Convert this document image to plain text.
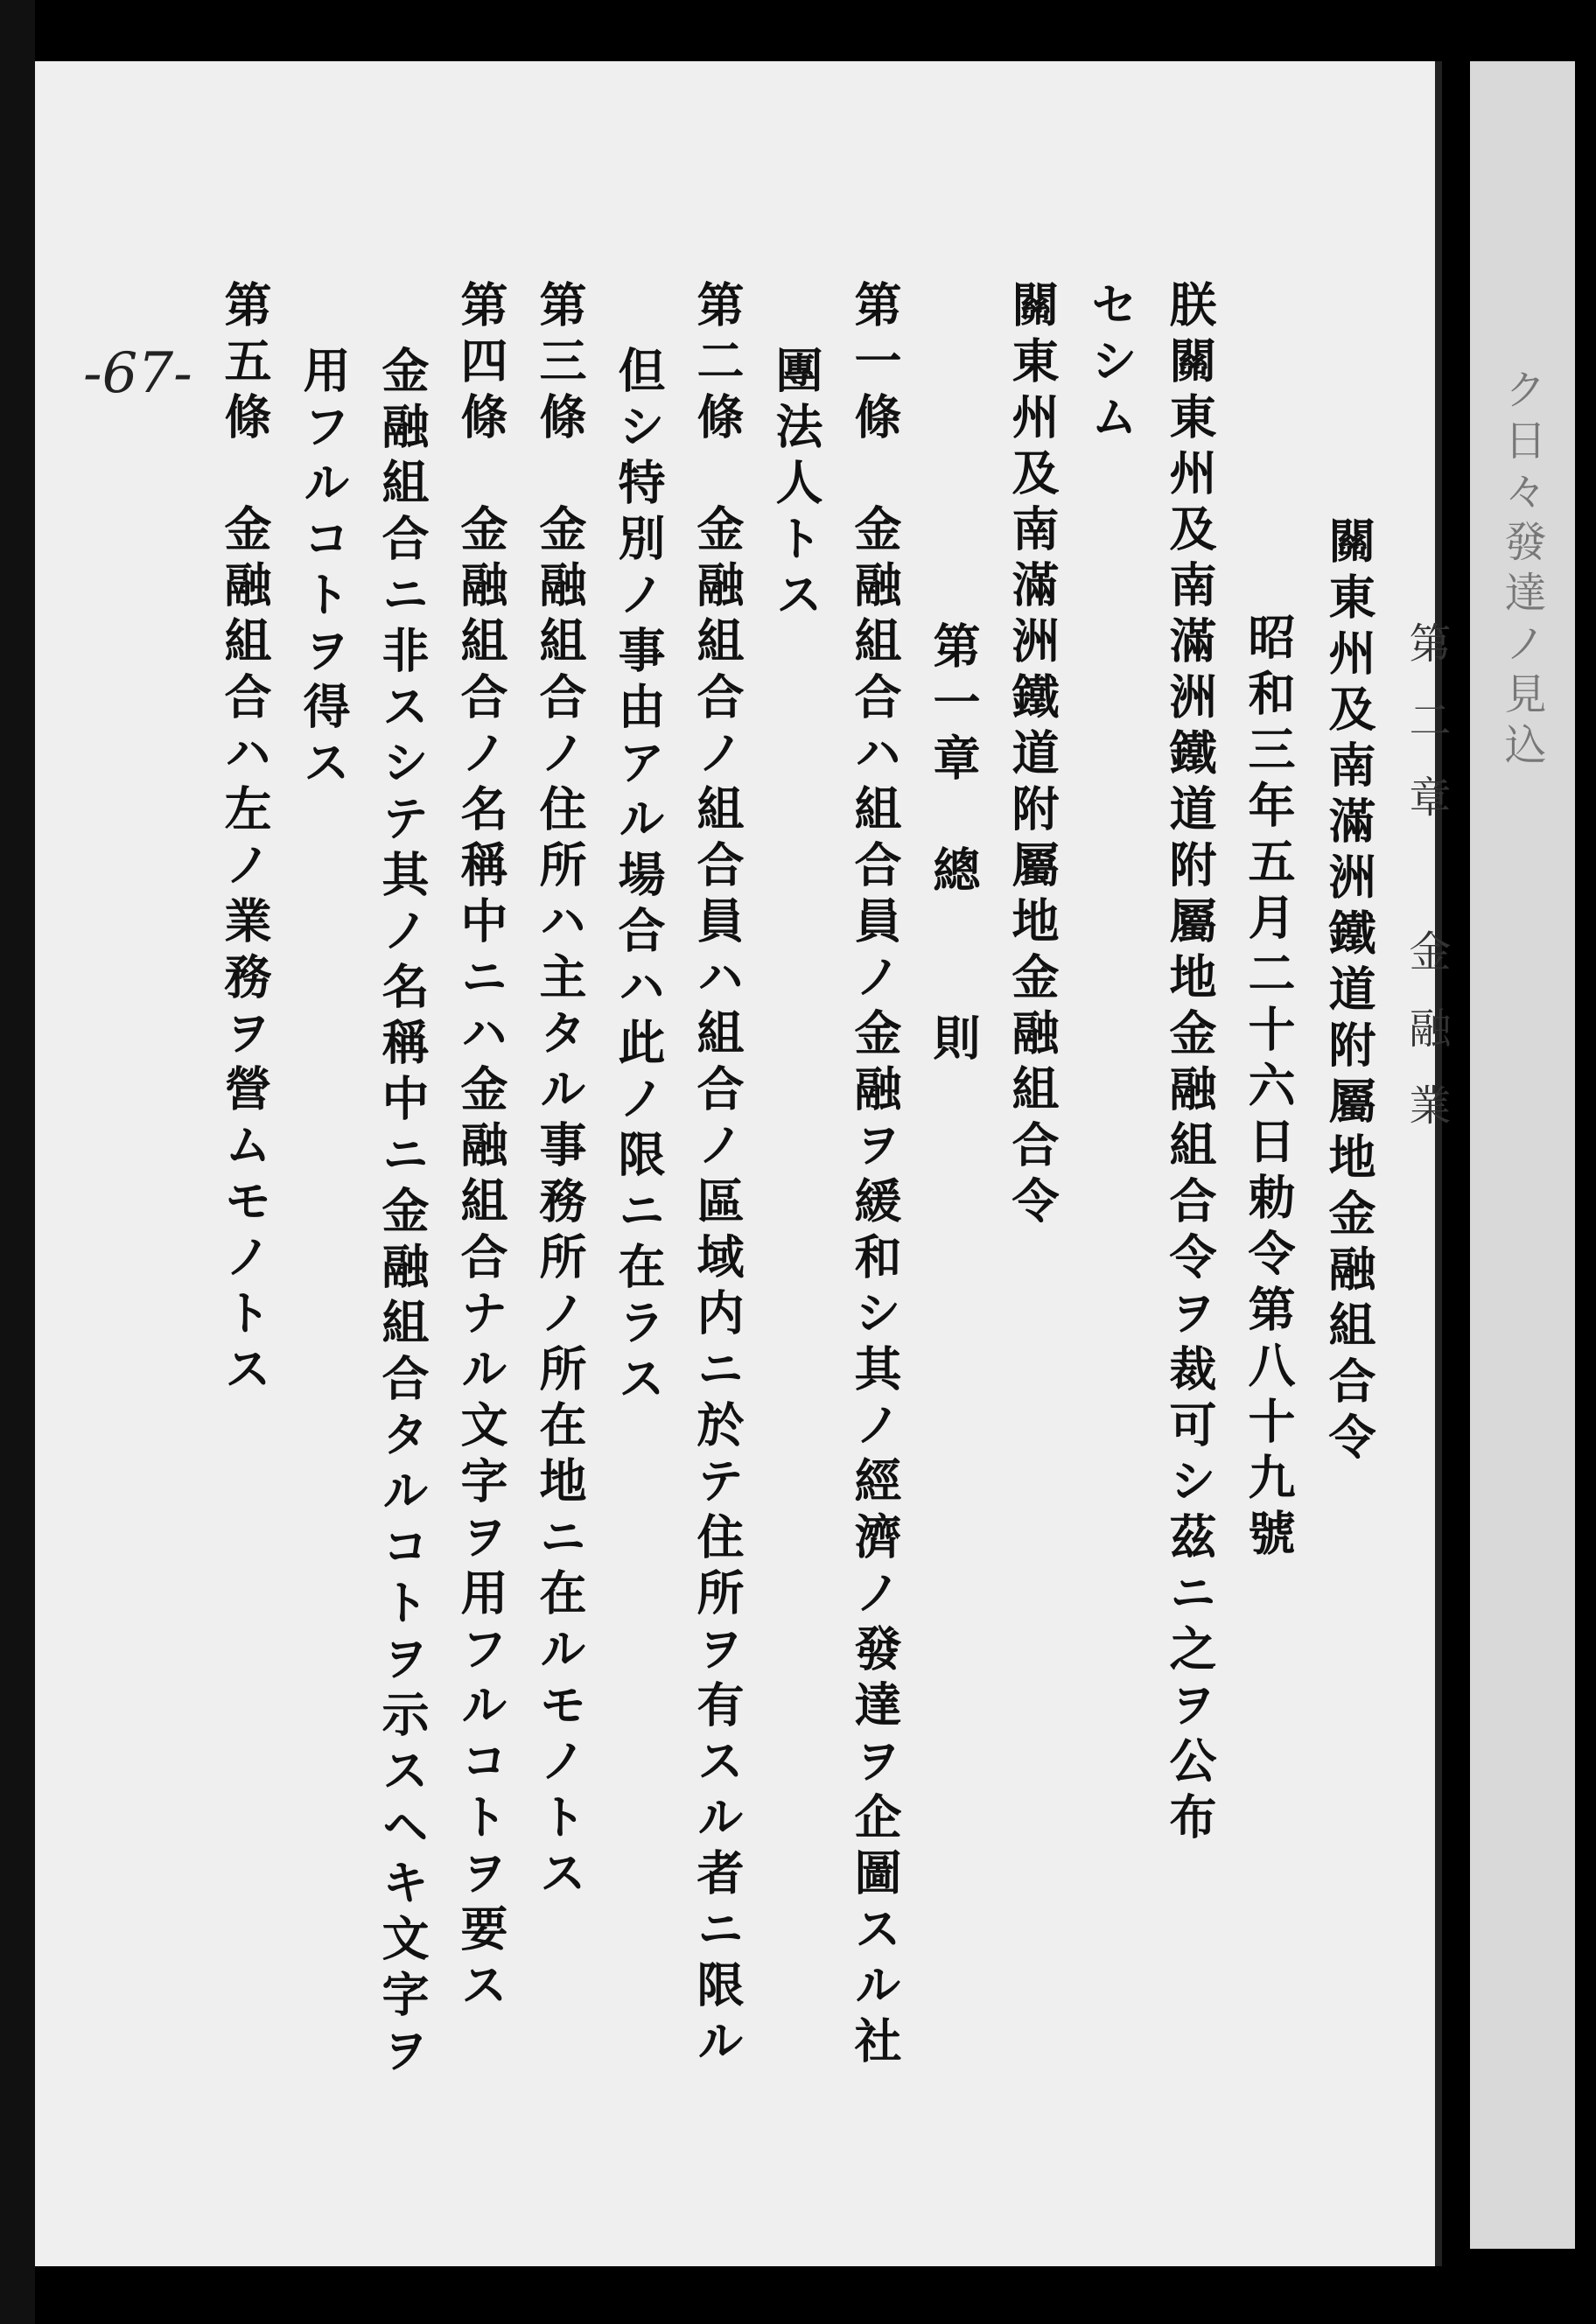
ク日々發達ノ見込
第二章　金融業
關東州及南滿洲鐵道附屬地金融組合令
昭和三年五月二十六日勅令第八十九號
朕關東州及南滿洲鐵道附屬地金融組合令ヲ裁可シ茲ニ之ヲ公布
セシム
關東州及南滿洲鐵道附屬地金融組合令
第一章　總　　則
第一條　金融組合ハ組合員ノ金融ヲ緩和シ其ノ經濟ノ發達ヲ企圖スル社
團法人トス
第二條　金融組合ノ組合員ハ組合ノ區域内ニ於テ住所ヲ有スル者ニ限ル
但シ特別ノ事由アル場合ハ此ノ限ニ在ラス
第三條　金融組合ノ住所ハ主タル事務所ノ所在地ニ在ルモノトス
第四條　金融組合ノ名稱中ニハ金融組合ナル文字ヲ用フルコトヲ要ス
金融組合ニ非スシテ其ノ名稱中ニ金融組合タルコトヲ示スヘキ文字ヲ
用フルコトヲ得ス
第五條　金融組合ハ左ノ業務ヲ營ムモノトス
-67-
